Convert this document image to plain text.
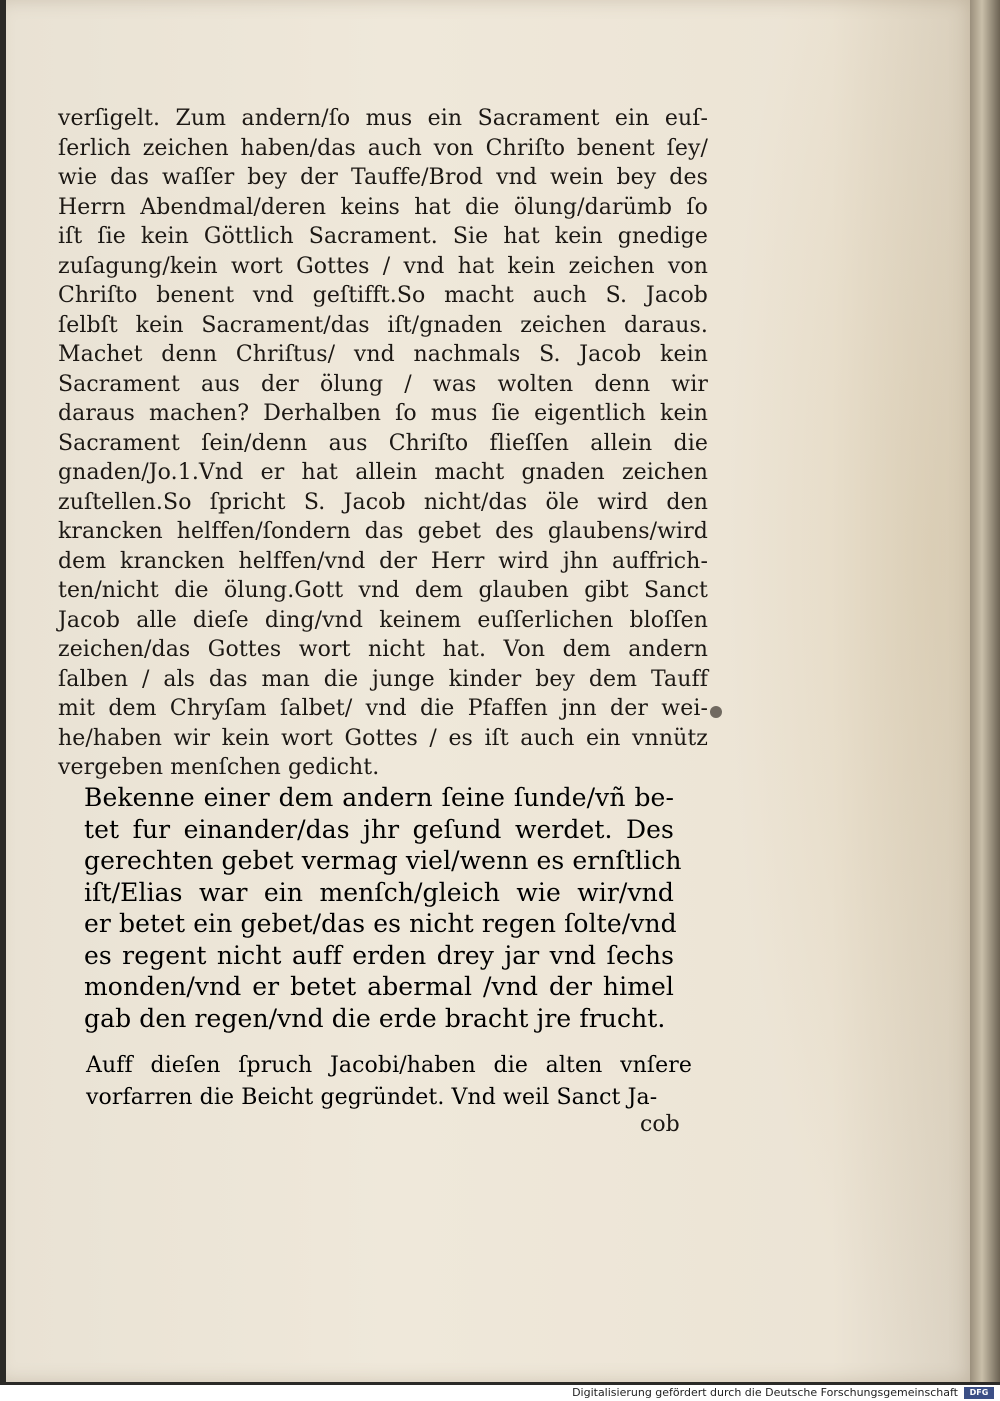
verſigelt. Zum andern/ſo mus ein Sacrament ein euſ-
ſerlich zeichen haben/das auch von Chriſto benent ſey/
wie das waſſer bey der Tauffe/Brod vnd wein bey des
Herrn Abendmal/deren keins hat die ölung/darümb ſo
iſt ſie kein Göttlich Sacrament. Sie hat kein gnedige
zuſagung/kein wort Gottes / vnd hat kein zeichen von
Chriſto benent vnd geſtifft.So macht auch S. Jacob
ſelbſt kein Sacrament/das iſt/gnaden zeichen daraus.
Machet denn Chriſtus/ vnd nachmals S. Jacob kein
Sacrament aus der ölung / was wolten denn wir
daraus machen? Derhalben ſo mus ſie eigentlich kein
Sacrament ſein/denn aus Chriſto flieſſen allein die
gnaden/Jo.1.Vnd er hat allein macht gnaden zeichen
zuſtellen.So ſpricht S. Jacob nicht/das öle wird den
krancken helffen/ſondern das gebet des glaubens/wird
dem krancken helffen/vnd der Herr wird jhn auffrich-
ten/nicht die ölung.Gott vnd dem glauben gibt Sanct
Jacob alle dieſe ding/vnd keinem euſſerlichen bloſſen
zeichen/das Gottes wort nicht hat. Von dem andern
ſalben / als das man die junge kinder bey dem Tauff
mit dem Chryſam ſalbet/ vnd die Pfaffen jnn der wei-
he/haben wir kein wort Gottes / es iſt auch ein vnnütz
vergeben menſchen gedicht.
Bekenne einer dem andern ſeine ſunde/vñ be-
tet fur einander/das jhr geſund werdet. Des
gerechten gebet vermag viel/wenn es ernſtlich
iſt/Elias war ein menſch/gleich wie wir/vnd
er betet ein gebet/das es nicht regen ſolte/vnd
es regent nicht auff erden drey jar vnd ſechs
monden/vnd er betet abermal /vnd der himel
gab den regen/vnd die erde bracht jre frucht.
Auff dieſen ſpruch Jacobi/haben die alten vnſere
vorfarren die Beicht gegründet. Vnd weil Sanct Ja-
cob
Digitalisierung gefördert durch die Deutsche Forschungsgemeinschaft	DFG
